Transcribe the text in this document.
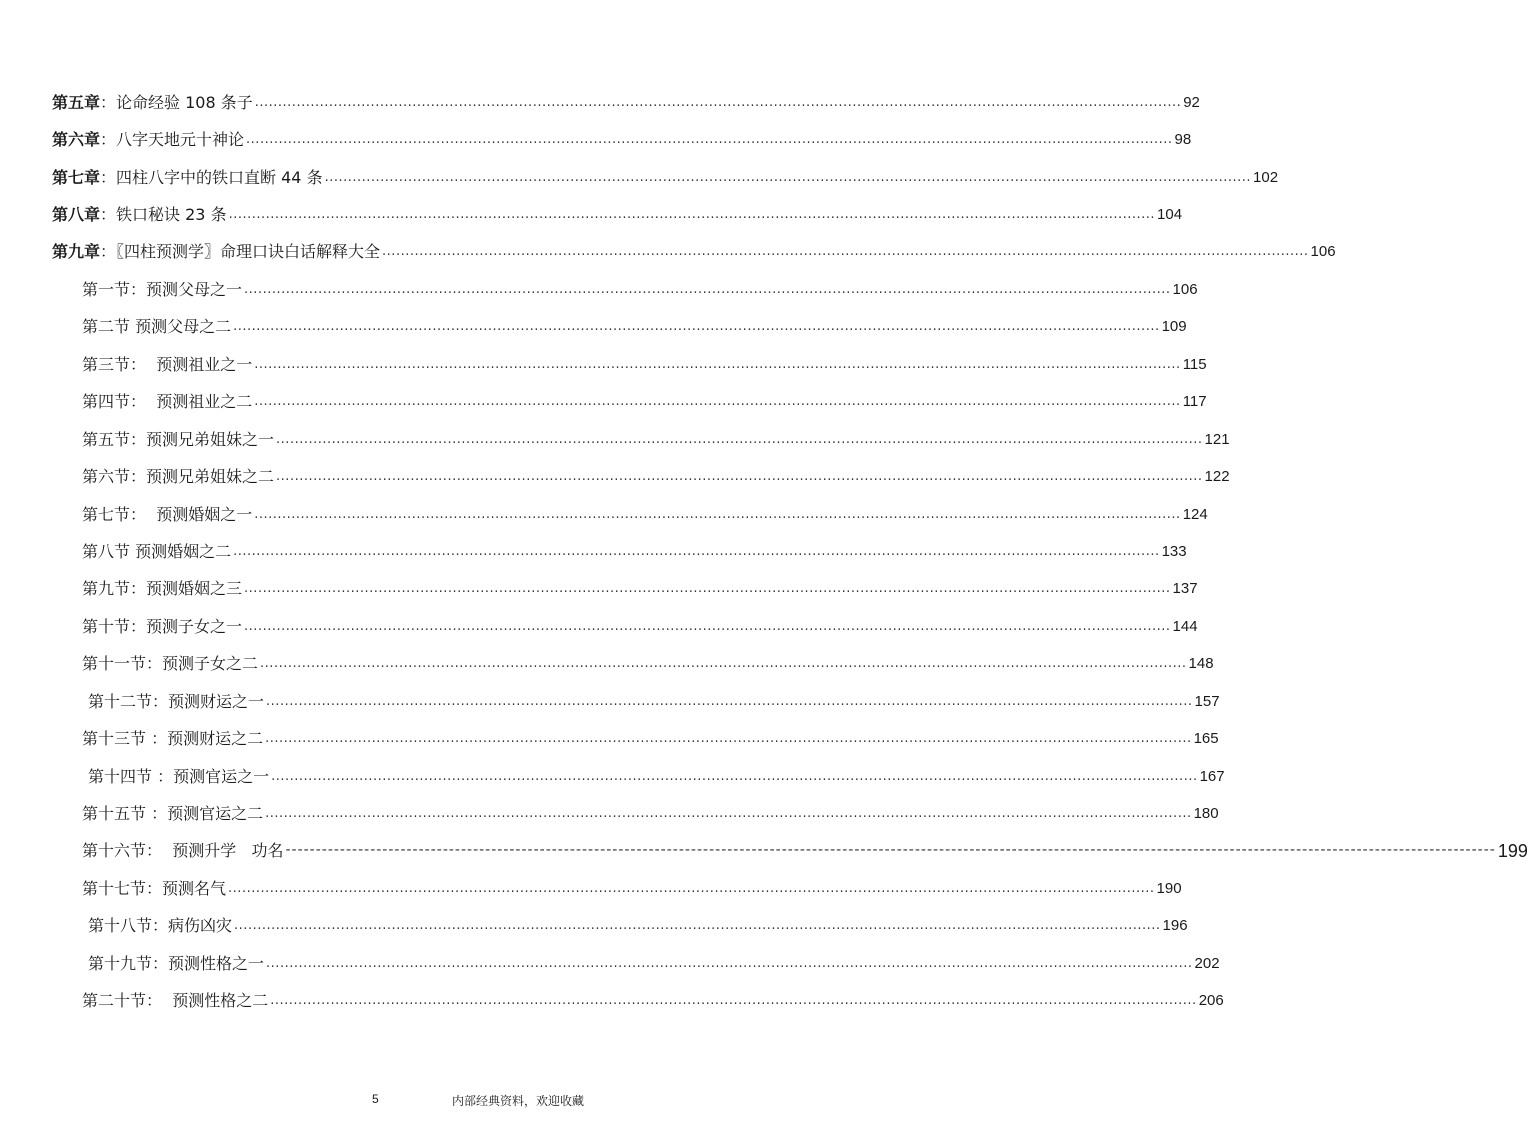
第五章：论命经验 108 条子 ........................................................................................................................................................................................................ 92
第六章：八字天地元十神论 ........................................................................................................................................................................................................ 98
第七章：四柱八字中的铁口直断 44 条 ........................................................................................................................................................................................................ 102
第八章：铁口秘诀 23 条 ........................................................................................................................................................................................................ 104
第九章：〖四柱预测学〗命理口诀白话解释大全 ........................................................................................................................................................................................................ 106
第一节：预测父母之一 ........................................................................................................................................................................................................ 106
第二节 预测父母之二 ........................................................................................................................................................................................................ 109
第三节：  预测祖业之一 ........................................................................................................................................................................................................ 115
第四节：  预测祖业之二 ........................................................................................................................................................................................................ 117
第五节：预测兄弟姐妹之一 ........................................................................................................................................................................................................ 121
第六节：预测兄弟姐妹之二 ........................................................................................................................................................................................................ 122
第七节：  预测婚姻之一 ........................................................................................................................................................................................................ 124
第八节 预测婚姻之二 ........................................................................................................................................................................................................ 133
第九节：预测婚姻之三 ........................................................................................................................................................................................................ 137
第十节：预测子女之一 ........................................................................................................................................................................................................ 144
第十一节：预测子女之二 ........................................................................................................................................................................................................ 148
第十二节：预测财运之一 ........................................................................................................................................................................................................ 157
第十三节 ：预测财运之二 ........................................................................................................................................................................................................ 165
第十四节 ：预测官运之一 ........................................................................................................................................................................................................ 167
第十五节 ：预测官运之二 ........................................................................................................................................................................................................ 180
第十六节：  预测升学   功名 -------------------------------------------------------------------------------------------------------------------------------------------------------------------------------------------------------- 199
第十七节：预测名气 ........................................................................................................................................................................................................ 190
第十八节：病伤凶灾 ........................................................................................................................................................................................................ 196
第十九节：预测性格之一 ........................................................................................................................................................................................................ 202
第二十节：  预测性格之二 ........................................................................................................................................................................................................ 206
5	内部经典资料，欢迎收藏
